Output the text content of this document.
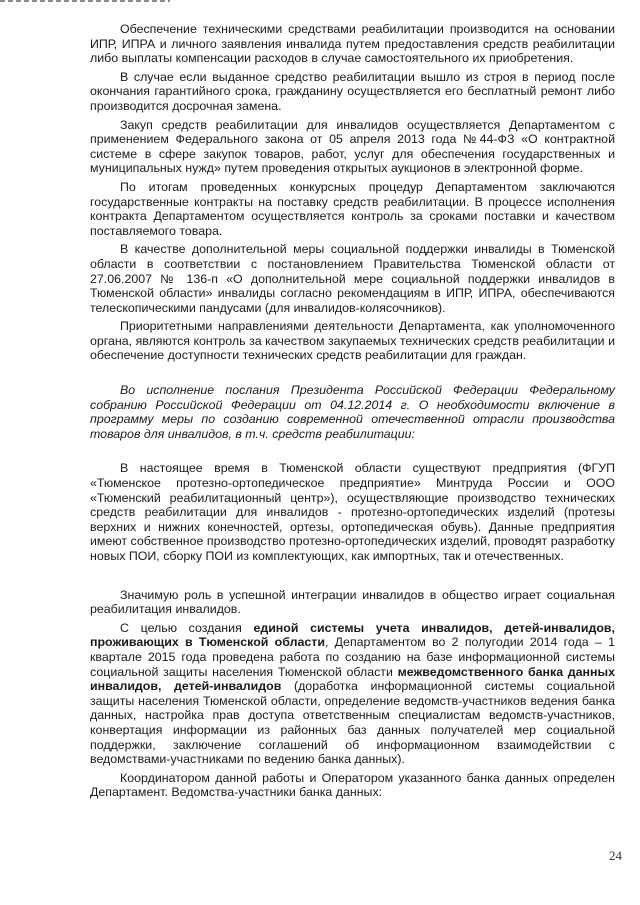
Обеспечение техническими средствами реабилитации производится на основании ИПР, ИПРА и личного заявления инвалида путем предоставления средств реабилитации либо выплаты компенсации расходов в случае самостоятельного их приобретения.

В случае если выданное средство реабилитации вышло из строя в период после окончания гарантийного срока, гражданину осуществляется его бесплатный ремонт либо производится досрочная замена.

Закуп средств реабилитации для инвалидов осуществляется Департаментом с применением Федерального закона от 05 апреля 2013 года №44-ФЗ «О контрактной системе в сфере закупок товаров, работ, услуг для обеспечения государственных и муниципальных нужд» путем проведения открытых аукционов в электронной форме.

По итогам проведенных конкурсных процедур Департаментом заключаются государственные контракты на поставку средств реабилитации. В процессе исполнения контракта Департаментом осуществляется контроль за сроками поставки и качеством поставляемого товара.

В качестве дополнительной меры социальной поддержки инвалиды в Тюменской области в соответствии с постановлением Правительства Тюменской области от 27.06.2007 № 136-п «О дополнительной мере социальной поддержки инвалидов в Тюменской области» инвалиды согласно рекомендациям в ИПР, ИПРА, обеспечиваются телескопическими пандусами (для инвалидов-колясочников).

Приоритетными направлениями деятельности Департамента, как уполномоченного органа, являются контроль за качеством закупаемых технических средств реабилитации и обеспечение доступности технических средств реабилитации для граждан.

Во исполнение послания Президента Российской Федерации Федеральному собранию Российской Федерации от 04.12.2014 г. О необходимости включение в программу меры по созданию современной отечественной отрасли производства товаров для инвалидов, в т.ч. средств реабилитации:

В настоящее время в Тюменской области существуют предприятия (ФГУП «Тюменское протезно-ортопедическое предприятие» Минтруда России и ООО «Тюменский реабилитационный центр»), осуществляющие производство технических средств реабилитации для инвалидов - протезно-ортопедических изделий (протезы верхних и нижних конечностей, ортезы, ортопедическая обувь). Данные предприятия имеют собственное производство протезно-ортопедических изделий, проводят разработку новых ПОИ, сборку ПОИ из комплектующих, как импортных, так и отечественных.

Значимую роль в успешной интеграции инвалидов в общество играет социальная реабилитация инвалидов.

С целью создания единой системы учета инвалидов, детей-инвалидов, проживающих в Тюменской области, Департаментом во 2 полугодии 2014 года – 1 квартале 2015 года проведена работа по созданию на базе информационной системы социальной защиты населения Тюменской области межведомственного банка данных инвалидов, детей-инвалидов (доработка информационной системы социальной защиты населения Тюменской области, определение ведомств-участников ведения банка данных, настройка прав доступа ответственным специалистам ведомств-участников, конвертация информации из районных баз данных получателей мер социальной поддержки, заключение соглашений об информационном взаимодействии с ведомствами-участниками по ведению банка данных).

Координатором данной работы и Оператором указанного банка данных определен Департамент. Ведомства-участники банка данных:

24
